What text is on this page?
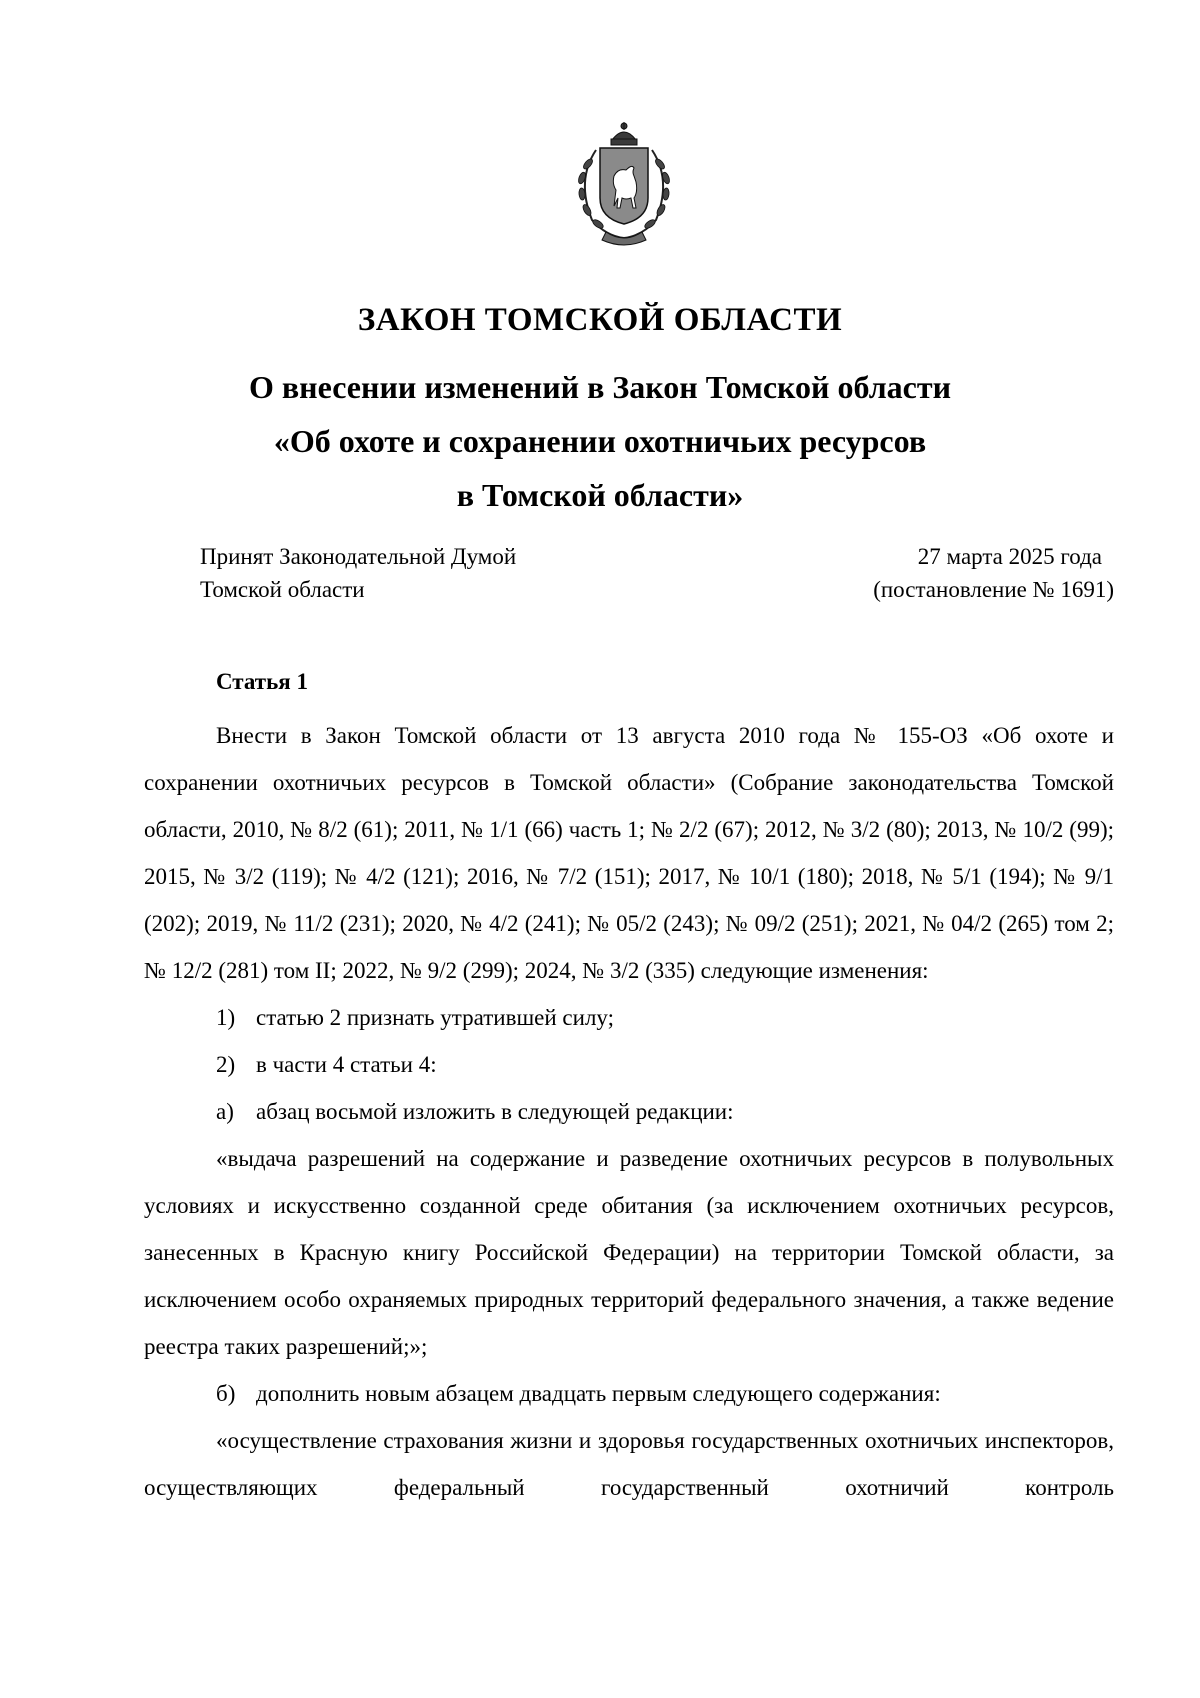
ЗАКОН ТОМСКОЙ ОБЛАСТИ
О внесении изменений в Закон Томской области
«Об охоте и сохранении охотничьих ресурсов
в Томской области»
Принят Законодательной Думой
Томской области
27 марта 2025 года
(постановление № 1691)
Статья 1
Внести в Закон Томской области от 13 августа 2010 года № 155-ОЗ «Об охоте и сохранении охотничьих ресурсов в Томской области» (Собрание законодательства Томской области, 2010, № 8/2 (61); 2011, № 1/1 (66) часть 1; № 2/2 (67); 2012, № 3/2 (80); 2013, № 10/2 (99); 2015, № 3/2 (119); № 4/2 (121); 2016, № 7/2 (151); 2017, № 10/1 (180); 2018, № 5/1 (194); № 9/1 (202); 2019, № 11/2 (231); 2020, № 4/2 (241); № 05/2 (243); № 09/2 (251); 2021, № 04/2 (265) том 2; № 12/2 (281) том II; 2022, № 9/2 (299); 2024, № 3/2 (335) следующие изменения:
1) статью 2 признать утратившей силу;
2) в части 4 статьи 4:
а) абзац восьмой изложить в следующей редакции:
«выдача разрешений на содержание и разведение охотничьих ресурсов в полувольных условиях и искусственно созданной среде обитания (за исключением охотничьих ресурсов, занесенных в Красную книгу Российской Федерации) на территории Томской области, за исключением особо охраняемых природных территорий федерального значения, а также ведение реестра таких разрешений;»;
б) дополнить новым абзацем двадцать первым следующего содержания:
«осуществление страхования жизни и здоровья государственных охотничьих инспекторов, осуществляющих федеральный государственный охотничий контроль
